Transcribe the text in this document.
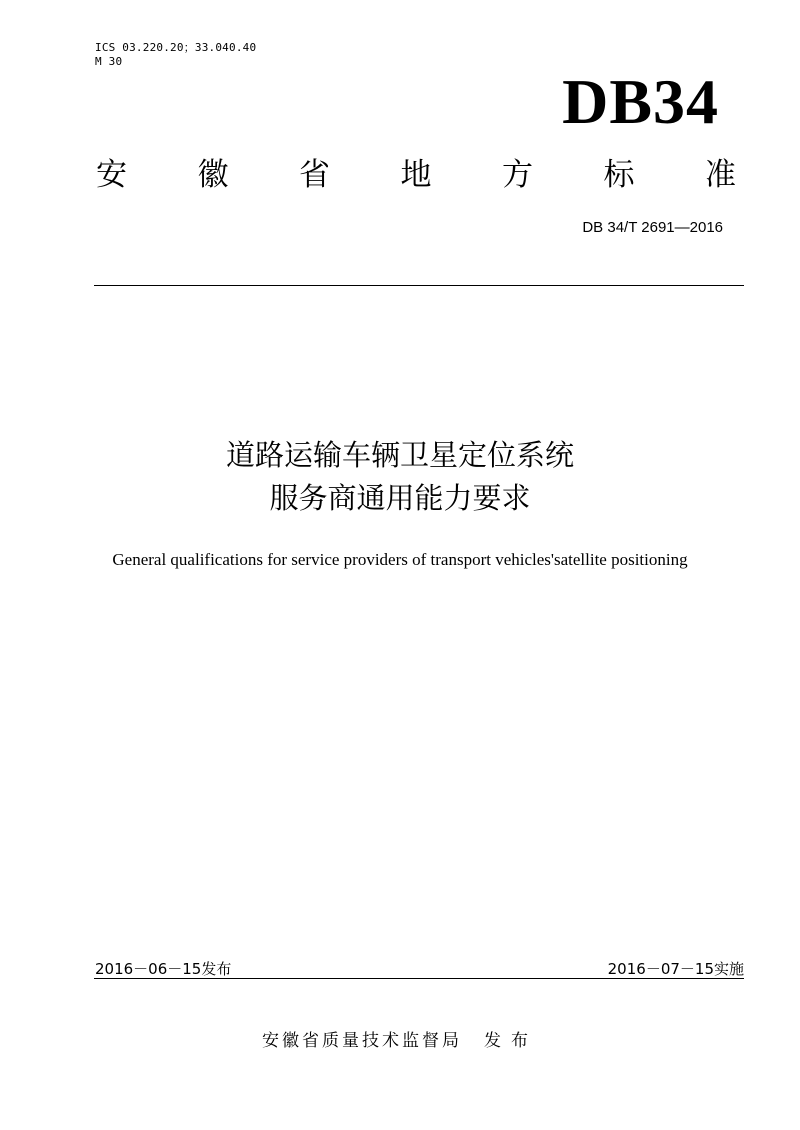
ICS 03.220.20；33.040.40
M 30
DB34
安 徽 省 地 方 标 准
DB 34/T 2691—2016
道路运输车辆卫星定位系统
服务商通用能力要求
General qualifications for service providers of transport vehicles'satellite positioning
2016－06－15发布	2016－07－15实施
安徽省质量技术监督局 发布
